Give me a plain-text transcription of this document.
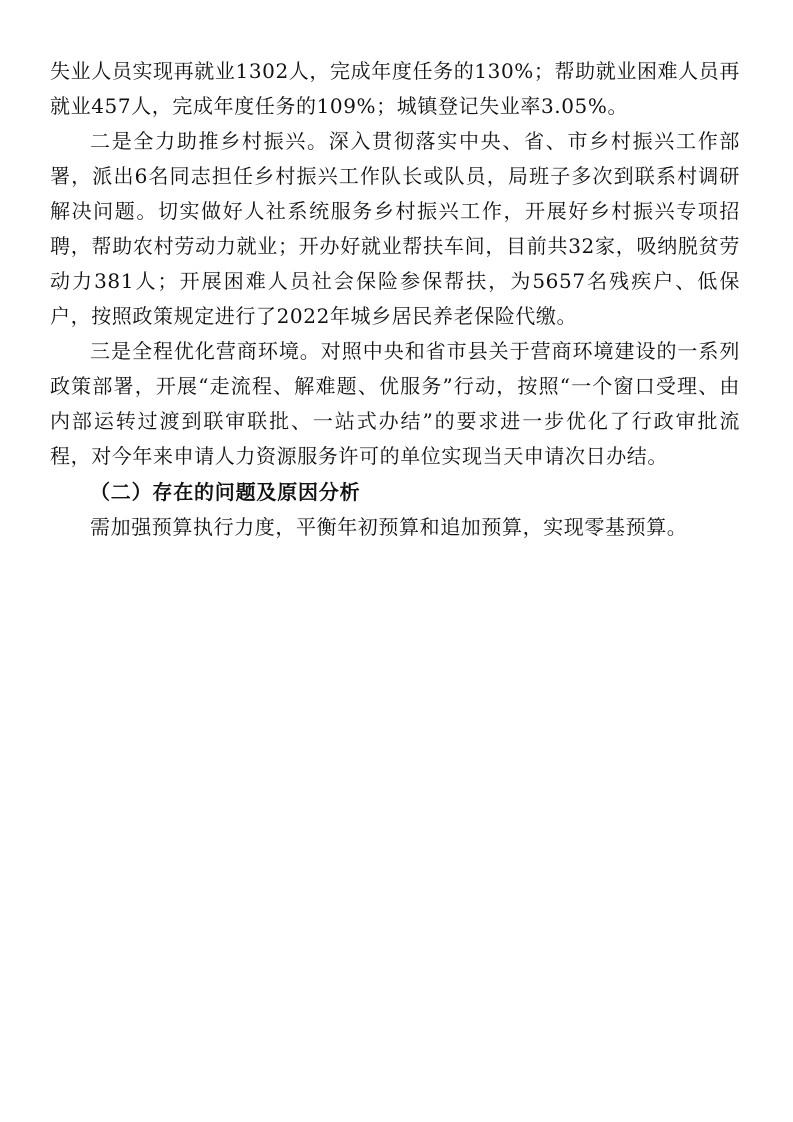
失业人员实现再就业1302人，完成年度任务的130%；帮助就业困难人员再就业457人，完成年度任务的109%；城镇登记失业率3.05%。

二是全力助推乡村振兴。深入贯彻落实中央、省、市乡村振兴工作部署，派出6名同志担任乡村振兴工作队长或队员，局班子多次到联系村调研解决问题。切实做好人社系统服务乡村振兴工作，开展好乡村振兴专项招聘，帮助农村劳动力就业；开办好就业帮扶车间，目前共32家，吸纳脱贫劳动力381人；开展困难人员社会保险参保帮扶，为5657名残疾户、低保户，按照政策规定进行了2022年城乡居民养老保险代缴。

三是全程优化营商环境。对照中央和省市县关于营商环境建设的一系列政策部署，开展“走流程、解难题、优服务”行动，按照“一个窗口受理、由内部运转过渡到联审联批、一站式办结”的要求进一步优化了行政审批流程，对今年来申请人力资源服务许可的单位实现当天申请次日办结。

（二）存在的问题及原因分析

需加强预算执行力度，平衡年初预算和追加预算，实现零基预算。
